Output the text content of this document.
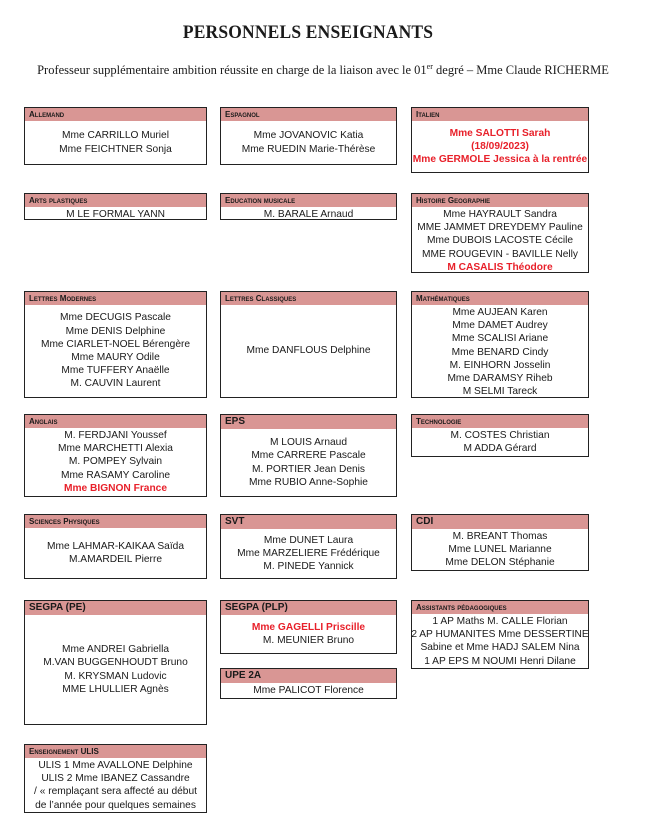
PERSONNELS ENSEIGNANTS
Professeur supplémentaire ambition réussite en charge de la liaison avec le 01er degré – Mme Claude RICHERME
Allemand
Mme CARRILLO Muriel
Mme FEICHTNER Sonja
Espagnol
Mme JOVANOVIC Katia
Mme RUEDIN Marie-Thérèse
Italien
Mme SALOTTI Sarah
(18/09/2023)
Mme GERMOLE Jessica à la rentrée
Arts plastiques
M LE FORMAL YANN
Education musicale
M. BARALE Arnaud
Histoire Geographie
Mme HAYRAULT Sandra
MME JAMMET DREYDEMY Pauline
Mme DUBOIS LACOSTE Cécile
MME ROUGEVIN - BAVILLE Nelly
M CASALIS Théodore
Lettres Modernes
Mme DECUGIS Pascale
Mme DENIS Delphine
Mme CIARLET-NOEL Bérengère
Mme MAURY Odile
Mme TUFFERY Anaëlle
M. CAUVIN Laurent
Lettres Classiques
Mme DANFLOUS Delphine
Mathématiques
Mme AUJEAN Karen
Mme DAMET Audrey
Mme SCALISI Ariane
Mme BENARD Cindy
M. EINHORN Josselin
Mme DARAMSY Riheb
M SELMI Tareck
Anglais
M. FERDJANI Youssef
Mme MARCHETTI Alexia
M. POMPEY Sylvain
Mme RASAMY Caroline
Mme BIGNON France
EPS
M LOUIS Arnaud
Mme CARRERE Pascale
M. PORTIER Jean Denis
Mme RUBIO Anne-Sophie
Technologie
M. COSTES Christian
M ADDA Gérard
Sciences Physiques
Mme LAHMAR-KAIKAA Saïda
M.AMARDEIL Pierre
SVT
Mme DUNET Laura
Mme MARZELIERE Frédérique
M. PINEDE Yannick
CDI
M. BREANT Thomas
Mme LUNEL Marianne
Mme DELON Stéphanie
SEGPA (PE)
Mme ANDREI Gabriella
M.VAN BUGGENHOUDT Bruno
M. KRYSMAN Ludovic
MME LHULLIER Agnès
SEGPA (PLP)
Mme GAGELLI Priscille
M. MEUNIER Bruno
UPE 2A
Mme PALICOT Florence
Assistants pédagogiques
1 AP Maths M. CALLE Florian
2 AP HUMANITES Mme DESSERTINE
Sabine et Mme HADJ SALEM Nina
1 AP EPS M NOUMI Henri Dilane
Enseignement ULIS
ULIS 1 Mme AVALLONE Delphine
ULIS 2 Mme IBANEZ Cassandre
/ « remplaçant sera affecté au début
de l’année pour quelques semaines
